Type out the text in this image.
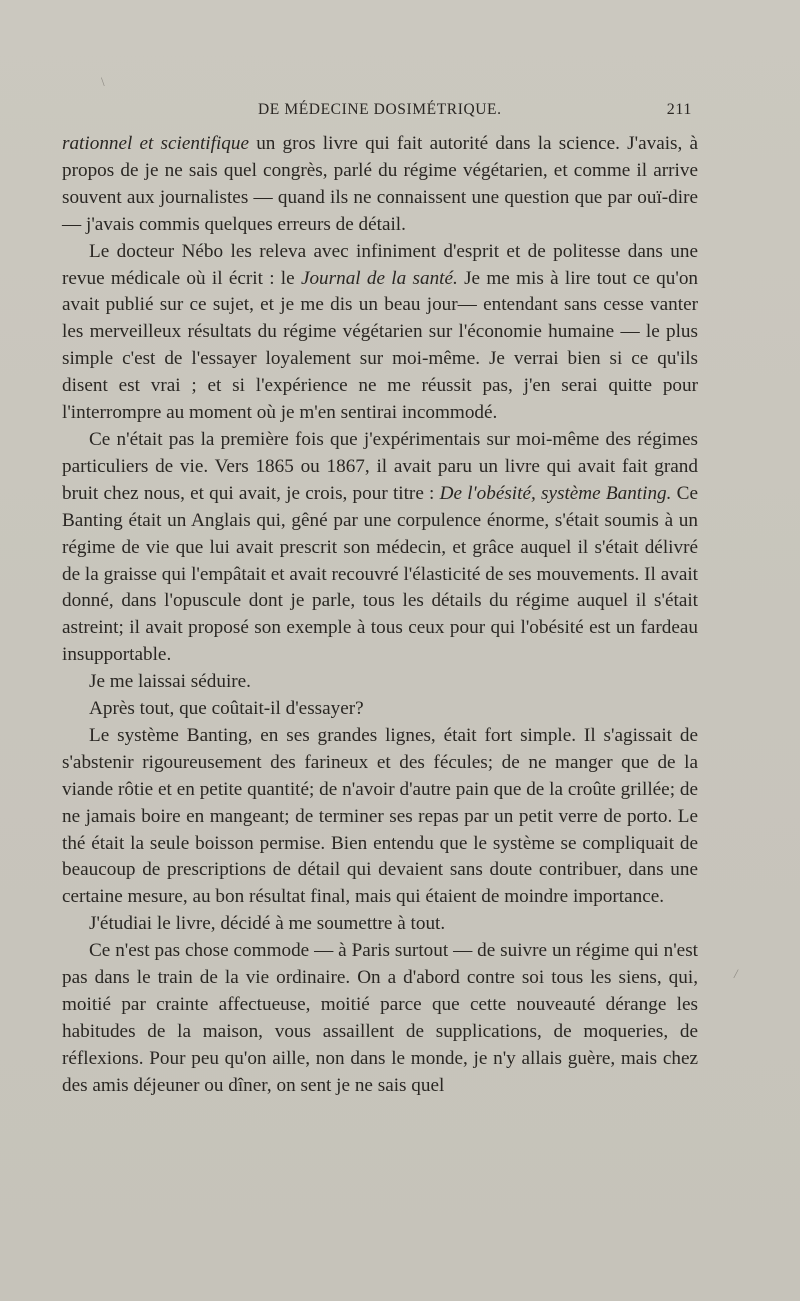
\
/
DE MÉDECINE DOSIMÉTRIQUE.	211

rationnel et scientifique un gros livre qui fait autorité dans la science. J'avais, à propos de je ne sais quel congrès, parlé du régime végétarien, et comme il arrive souvent aux journalistes — quand ils ne connaissent une question que par ouï-dire — j'avais commis quelques erreurs de détail.

Le docteur Nébo les releva avec infiniment d'esprit et de politesse dans une revue médicale où il écrit : le Journal de la santé. Je me mis à lire tout ce qu'on avait publié sur ce sujet, et je me dis un beau jour— entendant sans cesse vanter les merveilleux résultats du régime végétarien sur l'économie humaine — le plus simple c'est de l'essayer loyalement sur moi-même. Je verrai bien si ce qu'ils disent est vrai ; et si l'expérience ne me réussit pas, j'en serai quitte pour l'interrompre au moment où je m'en sentirai incommodé.

Ce n'était pas la première fois que j'expérimentais sur moi-même des régimes particuliers de vie. Vers 1865 ou 1867, il avait paru un livre qui avait fait grand bruit chez nous, et qui avait, je crois, pour titre : De l'obésité, système Banting. Ce Banting était un Anglais qui, gêné par une corpulence énorme, s'était soumis à un régime de vie que lui avait prescrit son médecin, et grâce auquel il s'était délivré de la graisse qui l'empâtait et avait recouvré l'élasticité de ses mouvements. Il avait donné, dans l'opuscule dont je parle, tous les détails du régime auquel il s'était astreint; il avait proposé son exemple à tous ceux pour qui l'obésité est un fardeau insupportable.

Je me laissai séduire.

Après tout, que coûtait-il d'essayer?

Le système Banting, en ses grandes lignes, était fort simple. Il s'agissait de s'abstenir rigoureusement des farineux et des fécules; de ne manger que de la viande rôtie et en petite quantité; de n'avoir d'autre pain que de la croûte grillée; de ne jamais boire en mangeant; de terminer ses repas par un petit verre de porto. Le thé était la seule boisson permise. Bien entendu que le système se compliquait de beaucoup de prescriptions de détail qui devaient sans doute contribuer, dans une certaine mesure, au bon résultat final, mais qui étaient de moindre importance.

J'étudiai le livre, décidé à me soumettre à tout.

Ce n'est pas chose commode — à Paris surtout — de suivre un régime qui n'est pas dans le train de la vie ordinaire. On a d'abord contre soi tous les siens, qui, moitié par crainte affectueuse, moitié parce que cette nouveauté dérange les habitudes de la maison, vous assaillent de supplications, de moqueries, de réflexions. Pour peu qu'on aille, non dans le monde, je n'y allais guère, mais chez des amis déjeuner ou dîner, on sent je ne sais quel
